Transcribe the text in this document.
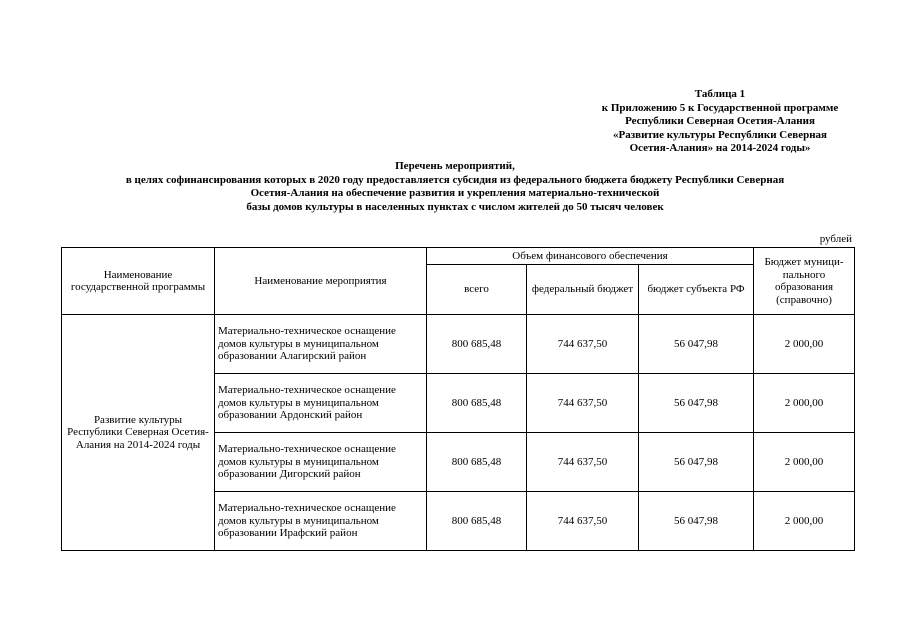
Таблица 1
к Приложению 5 к Государственной программе
Республики Северная Осетия-Алания
«Развитие культуры Республики Северная
Осетия-Алания» на 2014-2024 годы»
Перечень мероприятий,
в целях софинансирования которых в 2020 году предоставляется субсидия из федерального бюджета бюджету Республики Северная
Осетия-Алания на обеспечение развития и укрепления материально-технической
базы домов культуры в населенных пунктах с числом жителей до 50 тысяч человек
рублей
Наименование государственной программы	Наименование мероприятия	Объем финансового обеспечения			Бюджет муници-пального образования (справочно)
		всего	федеральный бюджет	бюджет субъекта РФ	
Развитие культуры Республики Северная Осетия-Алания на 2014-2024 годы	Материально-техническое оснащение домов культуры в муниципальном образовании Алагирский район	800 685,48	744 637,50	56 047,98	2 000,00
	Материально-техническое оснащение домов культуры в муниципальном образовании Ардонский район	800 685,48	744 637,50	56 047,98	2 000,00
	Материально-техническое оснащение домов культуры в муниципальном образовании Дигорский район	800 685,48	744 637,50	56 047,98	2 000,00
	Материально-техническое оснащение домов культуры в муниципальном образовании Ирафский район	800 685,48	744 637,50	56 047,98	2 000,00
